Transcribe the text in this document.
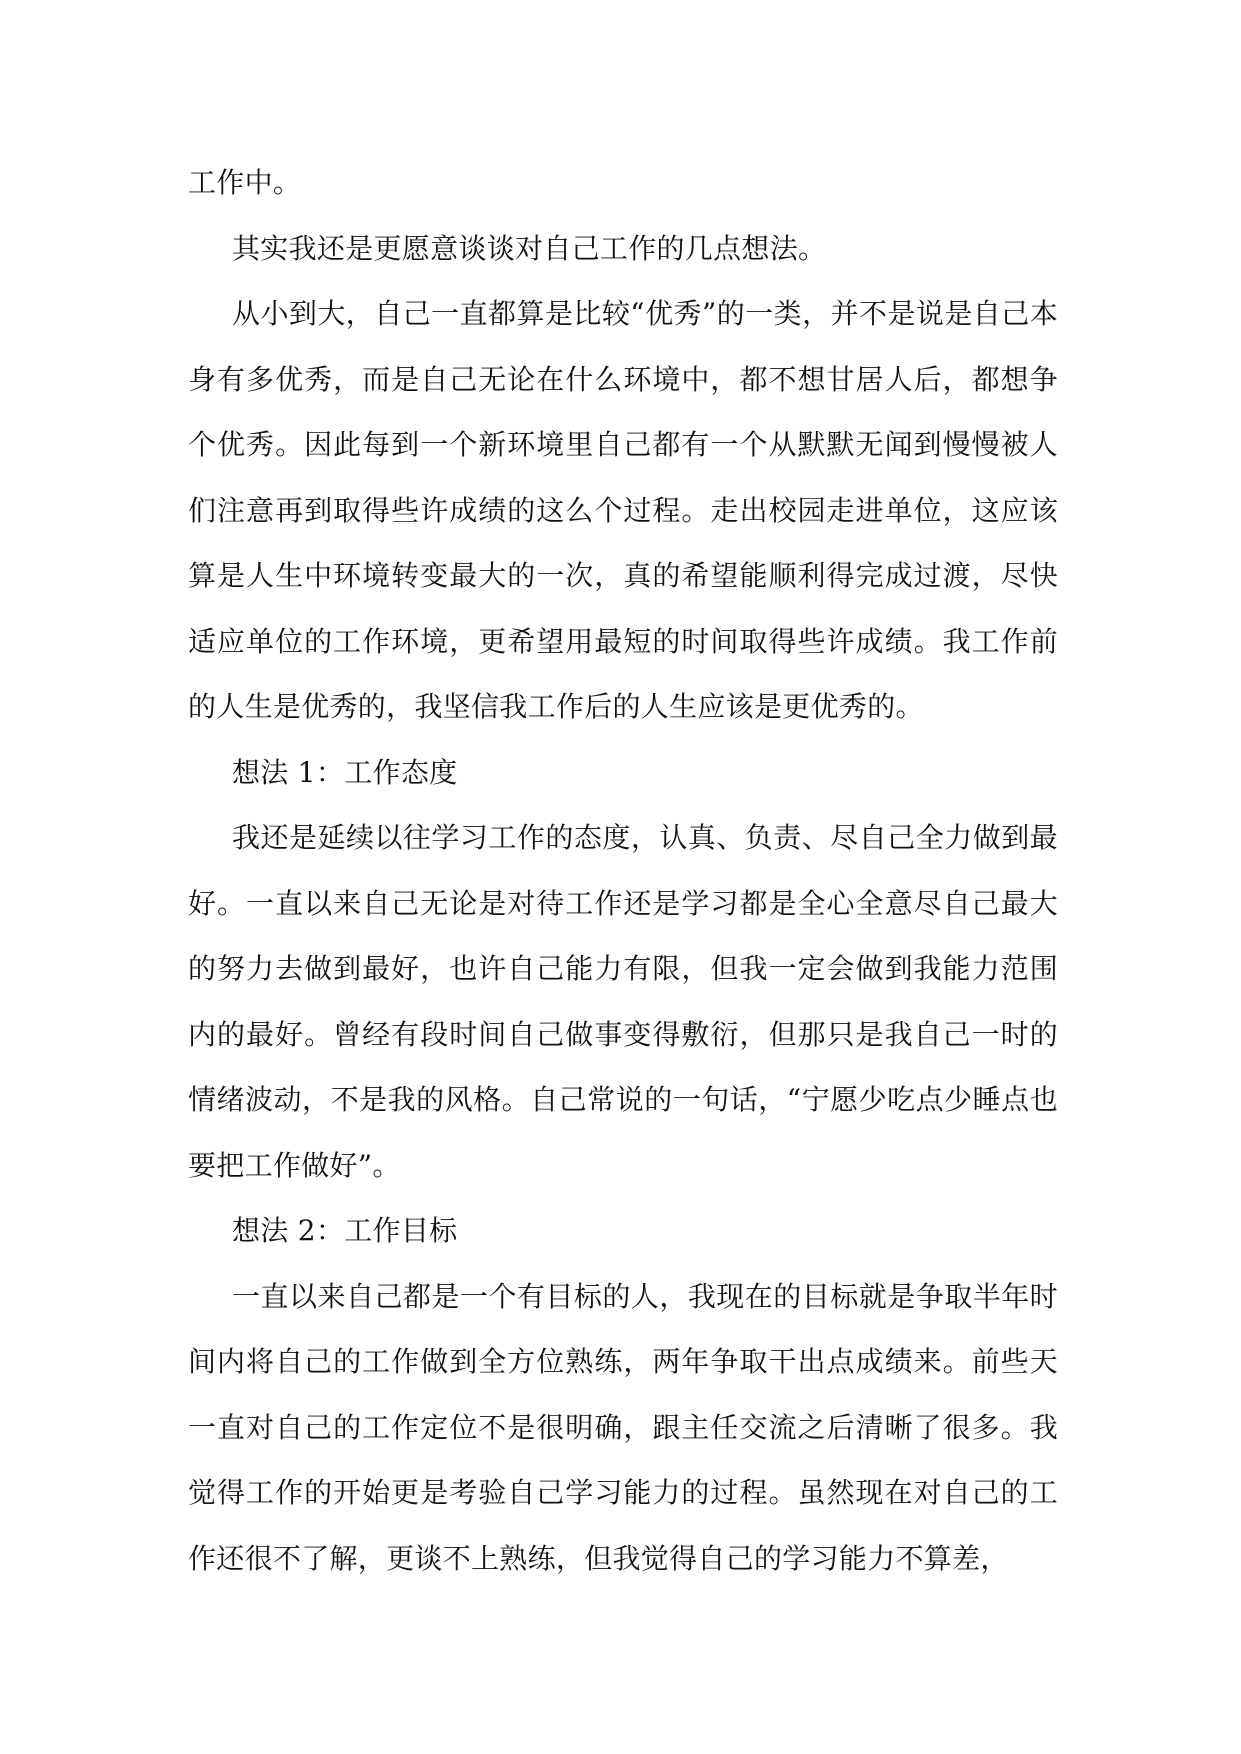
工作中。

其实我还是更愿意谈谈对自己工作的几点想法。

从小到大，自己一直都算是比较“优秀”的一类，并不是说是自己本身有多优秀，而是自己无论在什么环境中，都不想甘居人后，都想争个优秀。因此每到一个新环境里自己都有一个从默默无闻到慢慢被人们注意再到取得些许成绩的这么个过程。走出校园走进单位，这应该算是人生中环境转变最大的一次，真的希望能顺利得完成过渡，尽快适应单位的工作环境，更希望用最短的时间取得些许成绩。我工作前的人生是优秀的，我坚信我工作后的人生应该是更优秀的。

想法 1：工作态度

我还是延续以往学习工作的态度，认真、负责、尽自己全力做到最好。一直以来自己无论是对待工作还是学习都是全心全意尽自己最大的努力去做到最好，也许自己能力有限，但我一定会做到我能力范围内的最好。曾经有段时间自己做事变得敷衍，但那只是我自己一时的情绪波动，不是我的风格。自己常说的一句话，“宁愿少吃点少睡点也要把工作做好”。

想法 2：工作目标

一直以来自己都是一个有目标的人，我现在的目标就是争取半年时间内将自己的工作做到全方位熟练，两年争取干出点成绩来。前些天一直对自己的工作定位不是很明确，跟主任交流之后清晰了很多。我觉得工作的开始更是考验自己学习能力的过程。虽然现在对自己的工作还很不了解，更谈不上熟练，但我觉得自己的学习能力不算差，
